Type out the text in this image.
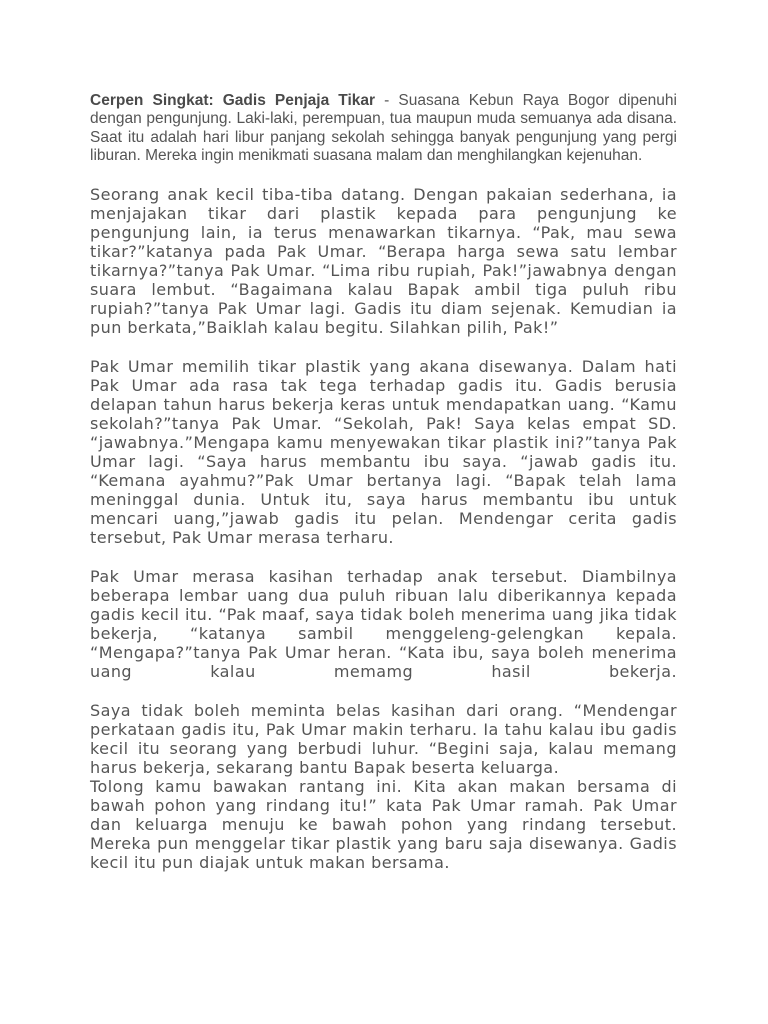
Cerpen Singkat: Gadis Penjaja Tikar - Suasana Kebun Raya Bogor dipenuhi dengan pengunjung. Laki-laki, perempuan, tua maupun muda semuanya ada disana. Saat itu adalah hari libur panjang sekolah sehingga banyak pengunjung yang pergi liburan. Mereka ingin menikmati suasana malam dan menghilangkan kejenuhan.

Seorang anak kecil tiba-tiba datang. Dengan pakaian sederhana, ia menjajakan tikar dari plastik kepada para pengunjung ke pengunjung lain, ia terus menawarkan tikarnya. “Pak, mau sewa tikar?”katanya pada Pak Umar. “Berapa harga sewa satu lembar tikarnya?”tanya Pak Umar. “Lima ribu rupiah, Pak!”jawabnya dengan suara lembut. “Bagaimana kalau Bapak ambil tiga puluh ribu rupiah?”tanya Pak Umar lagi. Gadis itu diam sejenak. Kemudian ia pun berkata,”Baiklah kalau begitu. Silahkan pilih, Pak!”

Pak Umar memilih tikar plastik yang akana disewanya. Dalam hati Pak Umar ada rasa tak tega terhadap gadis itu. Gadis berusia delapan tahun harus bekerja keras untuk mendapatkan uang. “Kamu sekolah?”tanya Pak Umar. “Sekolah, Pak! Saya kelas empat SD. “jawabnya.”Mengapa kamu menyewakan tikar plastik ini?”tanya Pak Umar lagi. “Saya harus membantu ibu saya. “jawab gadis itu. “Kemana ayahmu?”Pak Umar bertanya lagi. “Bapak telah lama meninggal dunia. Untuk itu, saya harus membantu ibu untuk mencari uang,”jawab gadis itu pelan. Mendengar cerita gadis tersebut, Pak Umar merasa terharu.

Pak Umar merasa kasihan terhadap anak tersebut. Diambilnya beberapa lembar uang dua puluh ribuan lalu diberikannya kepada gadis kecil itu. “Pak maaf, saya tidak boleh menerima uang jika tidak bekerja, “katanya sambil menggeleng-gelengkan kepala. “Mengapa?”tanya Pak Umar heran. “Kata ibu, saya boleh menerima uang kalau memamg hasil bekerja.

Saya tidak boleh meminta belas kasihan dari orang. “Mendengar perkataan gadis itu, Pak Umar makin terharu. Ia tahu kalau ibu gadis kecil itu seorang yang berbudi luhur. “Begini saja, kalau memang harus bekerja, sekarang bantu Bapak beserta keluarga.

Tolong kamu bawakan rantang ini. Kita akan makan bersama di bawah pohon yang rindang itu!” kata Pak Umar ramah. Pak Umar dan keluarga menuju ke bawah pohon yang rindang tersebut. Mereka pun menggelar tikar plastik yang baru saja disewanya. Gadis kecil itu pun diajak untuk makan bersama.
